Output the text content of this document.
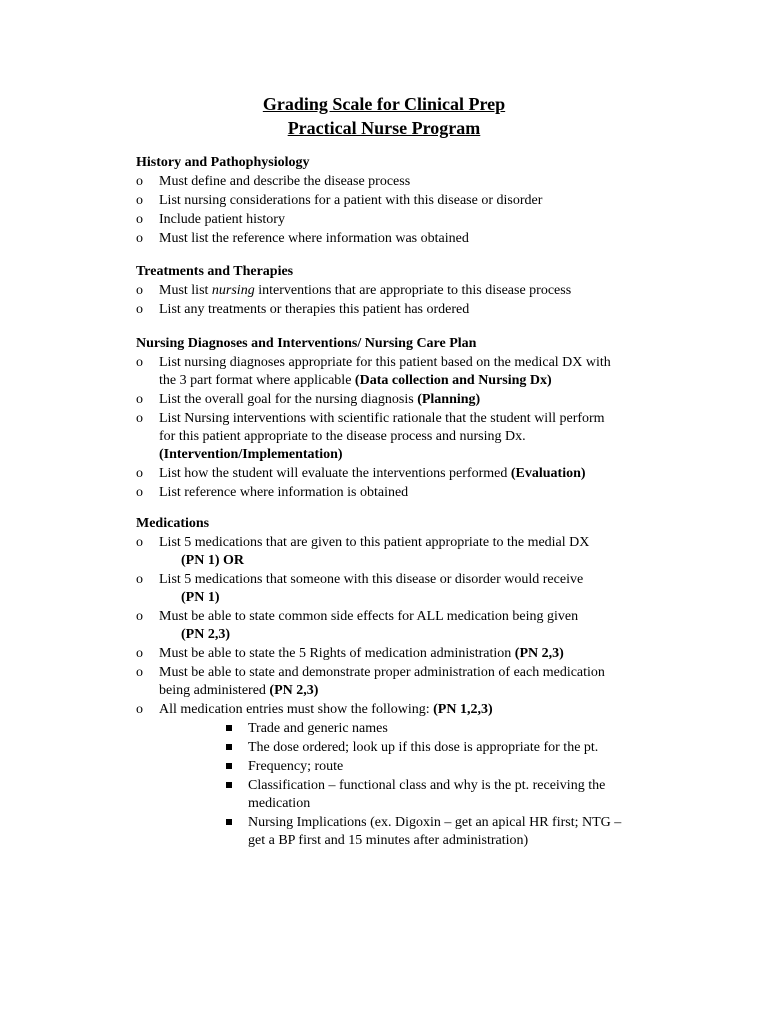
Grading Scale for Clinical Prep

Practical Nurse Program

History and Pathophysiology

o Must define and describe the disease process
o List nursing considerations for a patient with this disease or disorder
o Include patient history
o Must list the reference where information was obtained

Treatments and Therapies

o Must list nursing interventions that are appropriate to this disease process
o List any treatments or therapies this patient has ordered

Nursing Diagnoses and Interventions/ Nursing Care Plan

o List nursing diagnoses appropriate for this patient based on the medical DX with
the 3 part format where applicable (Data collection and Nursing Dx)
o List the overall goal for the nursing diagnosis (Planning)
o List Nursing interventions with scientific rationale that the student will perform
for this patient appropriate to the disease process and nursing Dx.
(Intervention/Implementation)
o List how the student will evaluate the interventions performed (Evaluation)
o List reference where information is obtained

Medications

o List 5 medications that are given to this patient appropriate to the medial DX

(PN 1) OR
o List 5 medications that someone with this disease or disorder would receive

(PN 1)
o Must be able to state common side effects for ALL medication being given

(PN 2,3)
o Must be able to state the 5 Rights of medication administration (PN 2,3)
o Must be able to state and demonstrate proper administration of each medication
being administered (PN 2,3)
o All medication entries must show the following: (PN 1,2,3)
Trade and generic names
The dose ordered; look up if this dose is appropriate for the pt.
Frequency; route
Classification – functional class and why is the pt. receiving the
medication
Nursing Implications (ex. Digoxin – get an apical HR first; NTG –
get a BP first and 15 minutes after administration)
